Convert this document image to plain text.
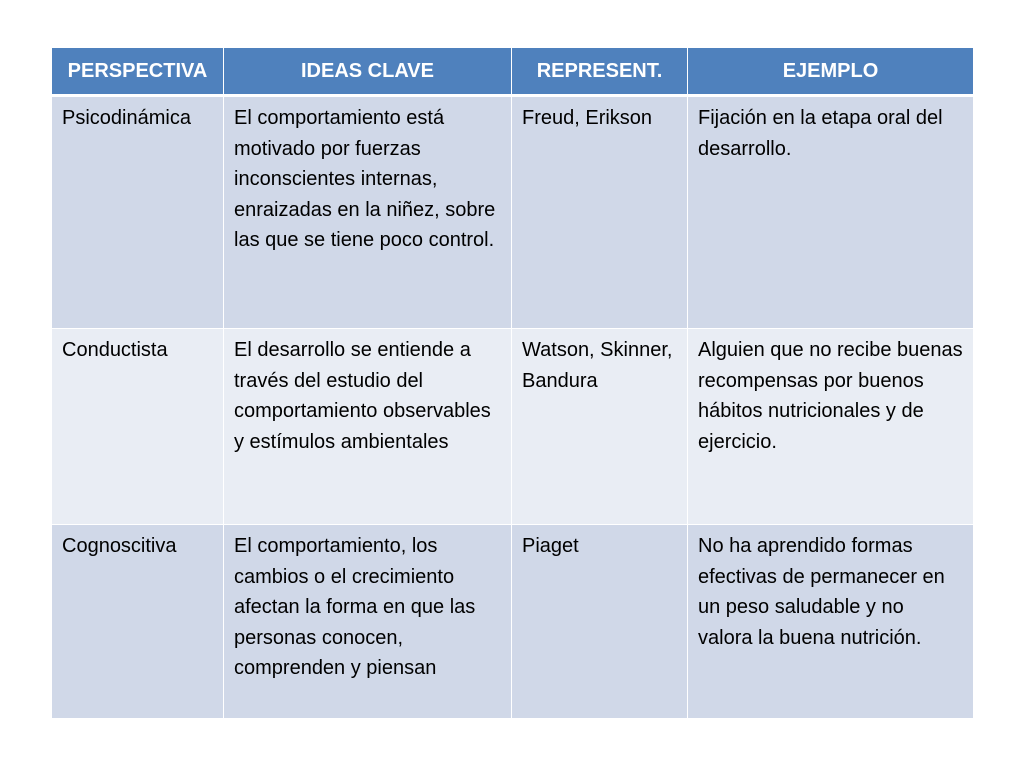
PERSPECTIVA	IDEAS CLAVE	REPRESENT.	EJEMPLO
Psicodinámica	El comportamiento está motivado por fuerzas inconscientes internas, enraizadas en la niñez, sobre las que se tiene poco control.	Freud, Erikson	Fijación en la etapa oral del desarrollo.
Conductista	El desarrollo se entiende a través del estudio del comportamiento observables y estímulos ambientales	Watson, Skinner, Bandura	Alguien que no recibe buenas recompensas por buenos hábitos nutricionales y de ejercicio.
Cognoscitiva	El comportamiento, los cambios o el crecimiento afectan la forma en que las personas conocen, comprenden y piensan	Piaget	No ha aprendido formas efectivas de permanecer en un peso saludable y no valora la buena nutrición.
